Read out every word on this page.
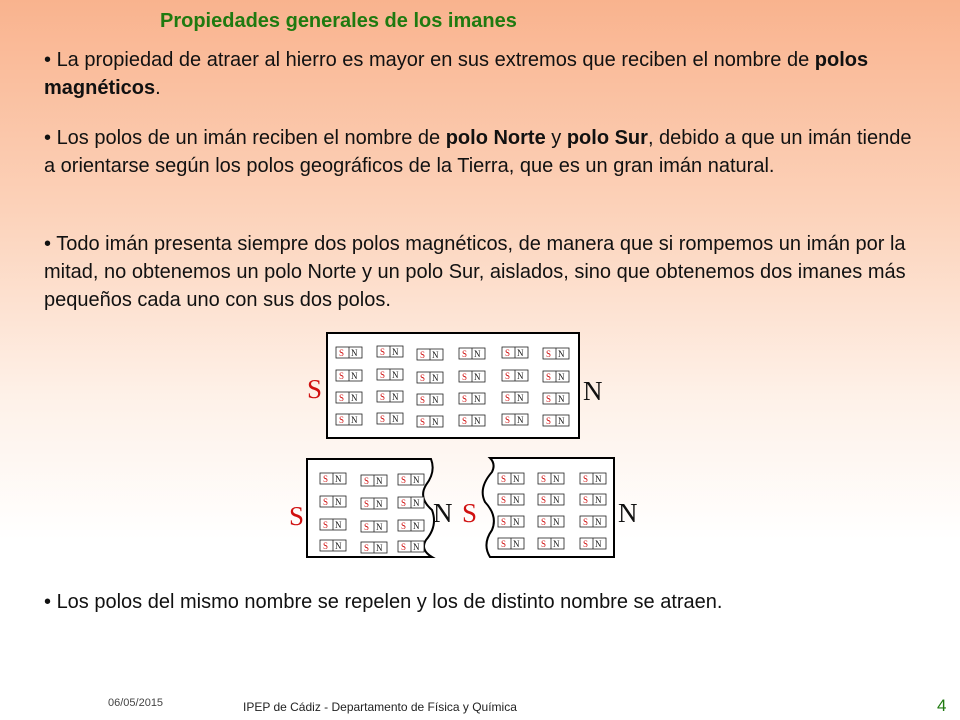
Propiedades generales de los imanes
• La propiedad de atraer al hierro es mayor en sus extremos que reciben el nombre de polos magnéticos.
• Los polos de un imán reciben el nombre de polo Norte y polo Sur, debido a que un imán tiende a orientarse según los polos geográficos de la Tierra, que es un gran imán natural.
• Todo imán presenta siempre dos polos magnéticos, de manera que si rompemos un imán por la mitad, no obtenemos un polo Norte y un polo Sur, aislados, sino que obtenemos dos imanes más pequeños cada uno con sus dos polos.
• Los polos del mismo nombre se repelen y los de distinto nombre se atraen.
S N
S N
S N
S N
S N
S N
S N
S N
S N
S N
S N
S N
S N
S N
S N
S N
S N
S N
S N
S N
S N
S N
S N
S N
S	N
S N
S N
S N
S N
S N
S N
S N
S N
S N
S N
S N
S N
S	N
S N
S N
S N
S N
S N
S N
S N
S N
S N
S N
S N
S N
S	N
06/05/2015	IPEP de Cádiz - Departamento de Física y Química	4
